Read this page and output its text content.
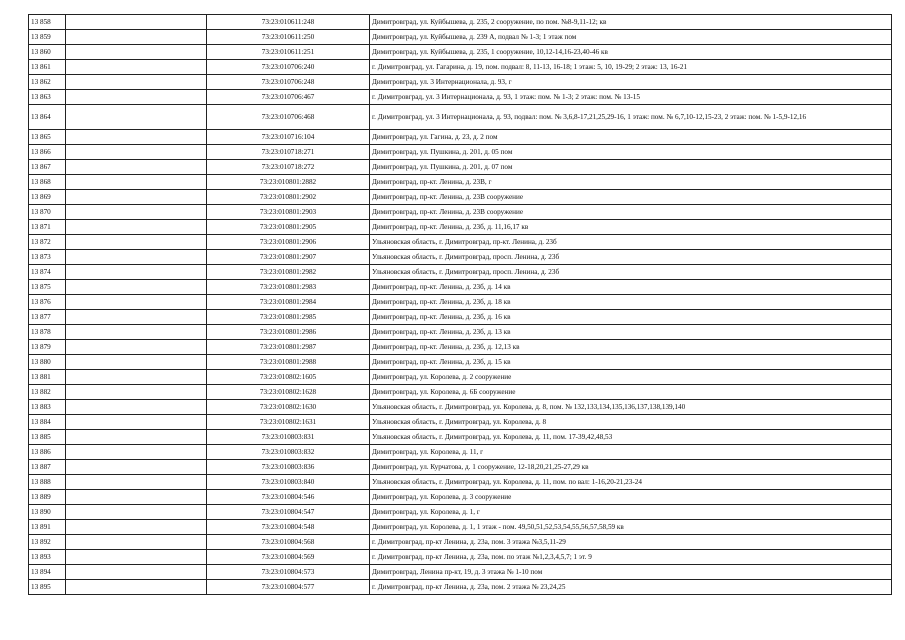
13 858		73:23:010611:248	Димитровград, ул. Куйбышева, д. 235, 2 сооружение, по пом. №8-9,11-12; кв

13 859		73:23:010611:250	Димитровград, ул. Куйбышева, д. 239 А, подвал № 1-3; 1 этаж пом

13 860		73:23:010611:251	Димитровград, ул. Куйбышева, д. 235, 1 сооружение, 10,12-14,16-23,40-46 кв

13 861		73:23:010706:240	г. Димитровград, ул. Гагарина, д. 19, пом. подвал: 8, 11-13, 16-18; 1 этаж: 5, 10, 19-29; 2 этаж: 13, 16-21

13 862		73:23:010706:248	Димитровград, ул. 3 Интернационала, д. 93, г

13 863		73:23:010706:467	г. Димитровград, ул. 3 Интернационала, д. 93, 1 этаж: пом. № 1-3; 2 этаж: пом. № 13-15

13 864		73:23:010706:468	г. Димитровград, ул. 3 Интернационала, д. 93, подвал: пом. № 3,6,8-17,21,25,29-16, 1 этаж: пом. № 6,7,10-12,15-23, 2 этаж: пом. № 1-5,9-12,16

13 865		73:23:010716:104	Димитровград, ул. Гагина, д. 23, д. 2 пом

13 866		73:23:010718:271	Димитровград, ул. Пушкина, д. 201, д. 05 пом

13 867		73:23:010718:272	Димитровград, ул. Пушкина, д. 201, д. 07 пом

13 868		73:23:010801:2882	Димитровград, пр-кт. Ленина, д. 23В, г

13 869		73:23:010801:2902	Димитровград, пр-кт. Ленина, д. 23В сооружение

13 870		73:23:010801:2903	Димитровград, пр-кт. Ленина, д. 23В сооружение

13 871		73:23:010801:2905	Димитровград, пр-кт. Ленина, д. 23б, д. 11,16,17 кв

13 872		73:23:010801:2906	Ульяновская область, г. Димитровград, пр-кт. Ленина, д. 23б

13 873		73:23:010801:2907	Ульяновская область, г. Димитровград, просп. Ленина, д. 23б

13 874		73:23:010801:2982	Ульяновская область, г. Димитровград, просп. Ленина, д. 23б

13 875		73:23:010801:2983	Димитровград, пр-кт. Ленина, д. 23б, д. 14 кв

13 876		73:23:010801:2984	Димитровград, пр-кт. Ленина, д. 23б, д. 18 кв

13 877		73:23:010801:2985	Димитровград, пр-кт. Ленина, д. 23б, д. 16 кв

13 878		73:23:010801:2986	Димитровград, пр-кт. Ленина, д. 23б, д. 13 кв

13 879		73:23:010801:2987	Димитровград, пр-кт. Ленина, д. 23б, д. 12,13 кв

13 880		73:23:010801:2988	Димитровград, пр-кт. Ленина, д. 23б, д. 15 кв

13 881		73:23:010802:1605	Димитровград, ул. Королева, д. 2 сооружение

13 882		73:23:010802:1628	Димитровград, ул. Королева, д. 6Б сооружение

13 883		73:23:010802:1630	Ульяновская область, г. Димитровград, ул. Королева, д. 8, пом. № 132,133,134,135,136,137,138,139,140

13 884		73:23:010802:1631	Ульяновская область, г. Димитровград, ул. Королева, д. 8

13 885		73:23:010803:831	Ульяновская область, г. Димитровград, ул. Королева, д. 11, пом. 17-39,42,48,53

13 886		73:23:010803:832	Димитровград, ул. Королева, д. 11, г

13 887		73:23:010803:836	Димитровград, ул. Курчатова, д. 1 сооружение, 12-18,20,21,25-27,29 кв

13 888		73:23:010803:840	Ульяновская область, г. Димитровград, ул. Королева, д. 11, пом. по вал: 1-16,20-21,23-24

13 889		73:23:010804:546	Димитровград, ул. Королева, д. 3 сооружение

13 890		73:23:010804:547	Димитровград, ул. Королева, д. 1, г

13 891		73:23:010804:548	Димитровград, ул. Королева, д. 1, 1 этаж - пом. 49,50,51,52,53,54,55,56,57,58,59 кв

13 892		73:23:010804:568	г. Димитровград, пр-кт Ленина, д. 23а, пом. 3 этажа №3,5,11-29

13 893		73:23:010804:569	г. Димитровград, пр-кт Ленина, д. 23а, пом. по этаж №1,2,3,4,5,7; 1 эт. 9

13 894		73:23:010804:573	Димитровград, Ленина пр-кт, 19, д. 3 этажа № 1-10 пом

13 895		73:23:010804:577	г. Димитровград, пр-кт Ленина, д. 23а, пом. 2 этажа № 23,24,25
